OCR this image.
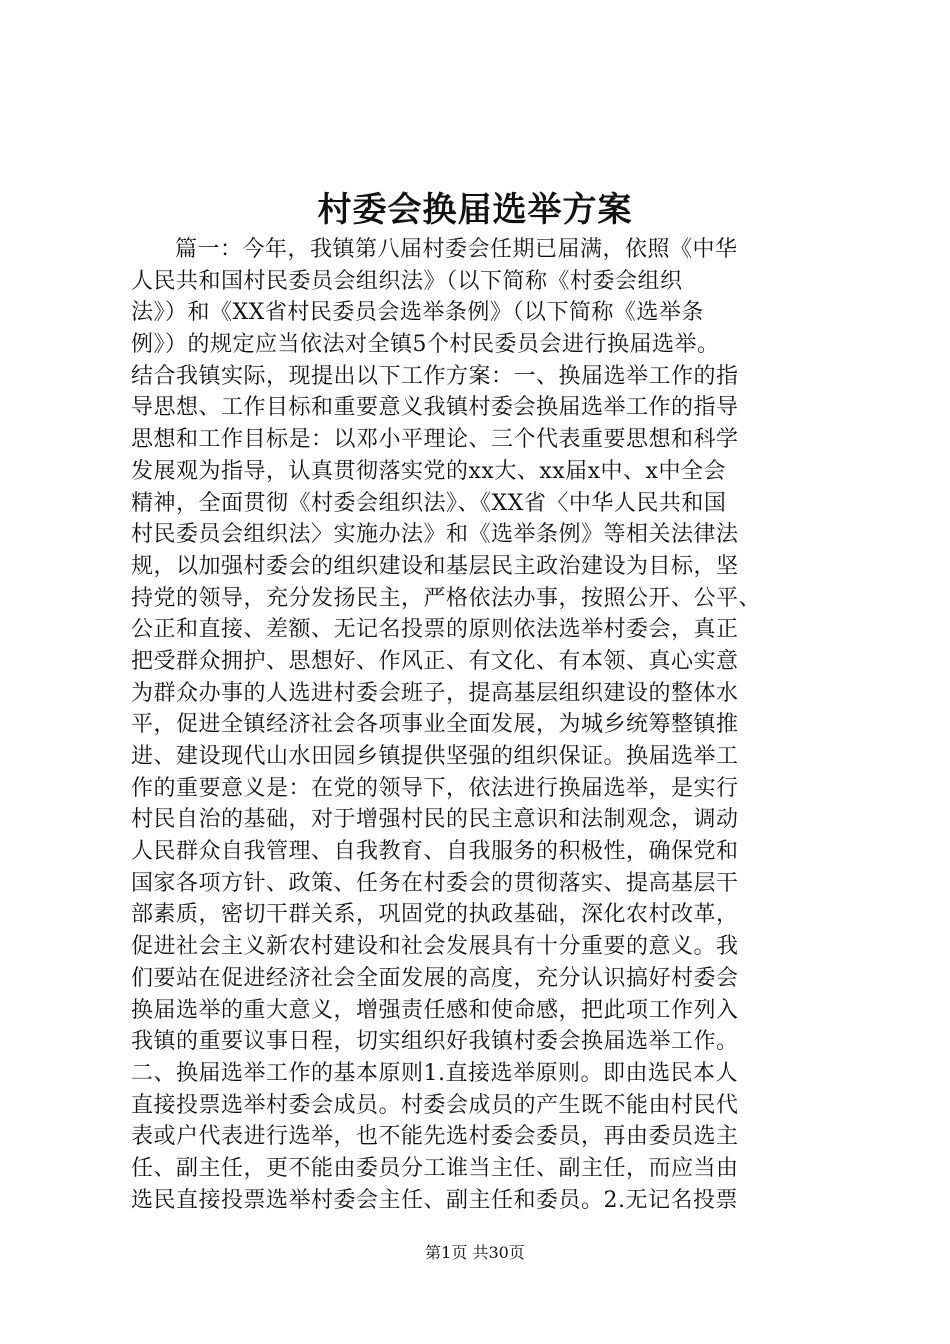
村委会换届选举方案
篇一：今年，我镇第八届村委会任期已届满，依照《中华
人民共和国村民委员会组织法》（以下简称《村委会组织
法》）和《XX省村民委员会选举条例》（以下简称《选举条
例》）的规定应当依法对全镇5个村民委员会进行换届选举。
结合我镇实际，现提出以下工作方案：一、换届选举工作的指
导思想、工作目标和重要意义我镇村委会换届选举工作的指导
思想和工作目标是：以邓小平理论、三个代表重要思想和科学
发展观为指导，认真贯彻落实党的xx大、xx届x中、x中全会
精神，全面贯彻《村委会组织法》、《XX省〈中华人民共和国
村民委员会组织法〉实施办法》和《选举条例》等相关法律法
规，以加强村委会的组织建设和基层民主政治建设为目标，坚
持党的领导，充分发扬民主，严格依法办事，按照公开、公平、
公正和直接、差额、无记名投票的原则依法选举村委会，真正
把受群众拥护、思想好、作风正、有文化、有本领、真心实意
为群众办事的人选进村委会班子，提高基层组织建设的整体水
平，促进全镇经济社会各项事业全面发展，为城乡统筹整镇推
进、建设现代山水田园乡镇提供坚强的组织保证。换届选举工
作的重要意义是：在党的领导下，依法进行换届选举，是实行
村民自治的基础，对于增强村民的民主意识和法制观念，调动
人民群众自我管理、自我教育、自我服务的积极性，确保党和
国家各项方针、政策、任务在村委会的贯彻落实、提高基层干
部素质，密切干群关系，巩固党的执政基础，深化农村改革，
促进社会主义新农村建设和社会发展具有十分重要的意义。我
们要站在促进经济社会全面发展的高度，充分认识搞好村委会
换届选举的重大意义，增强责任感和使命感，把此项工作列入
我镇的重要议事日程，切实组织好我镇村委会换届选举工作。
二、换届选举工作的基本原则1.直接选举原则。即由选民本人
直接投票选举村委会成员。村委会成员的产生既不能由村民代
表或户代表进行选举，也不能先选村委会委员，再由委员选主
任、副主任，更不能由委员分工谁当主任、副主任，而应当由
选民直接投票选举村委会主任、副主任和委员。2.无记名投票
第1页 共30页
